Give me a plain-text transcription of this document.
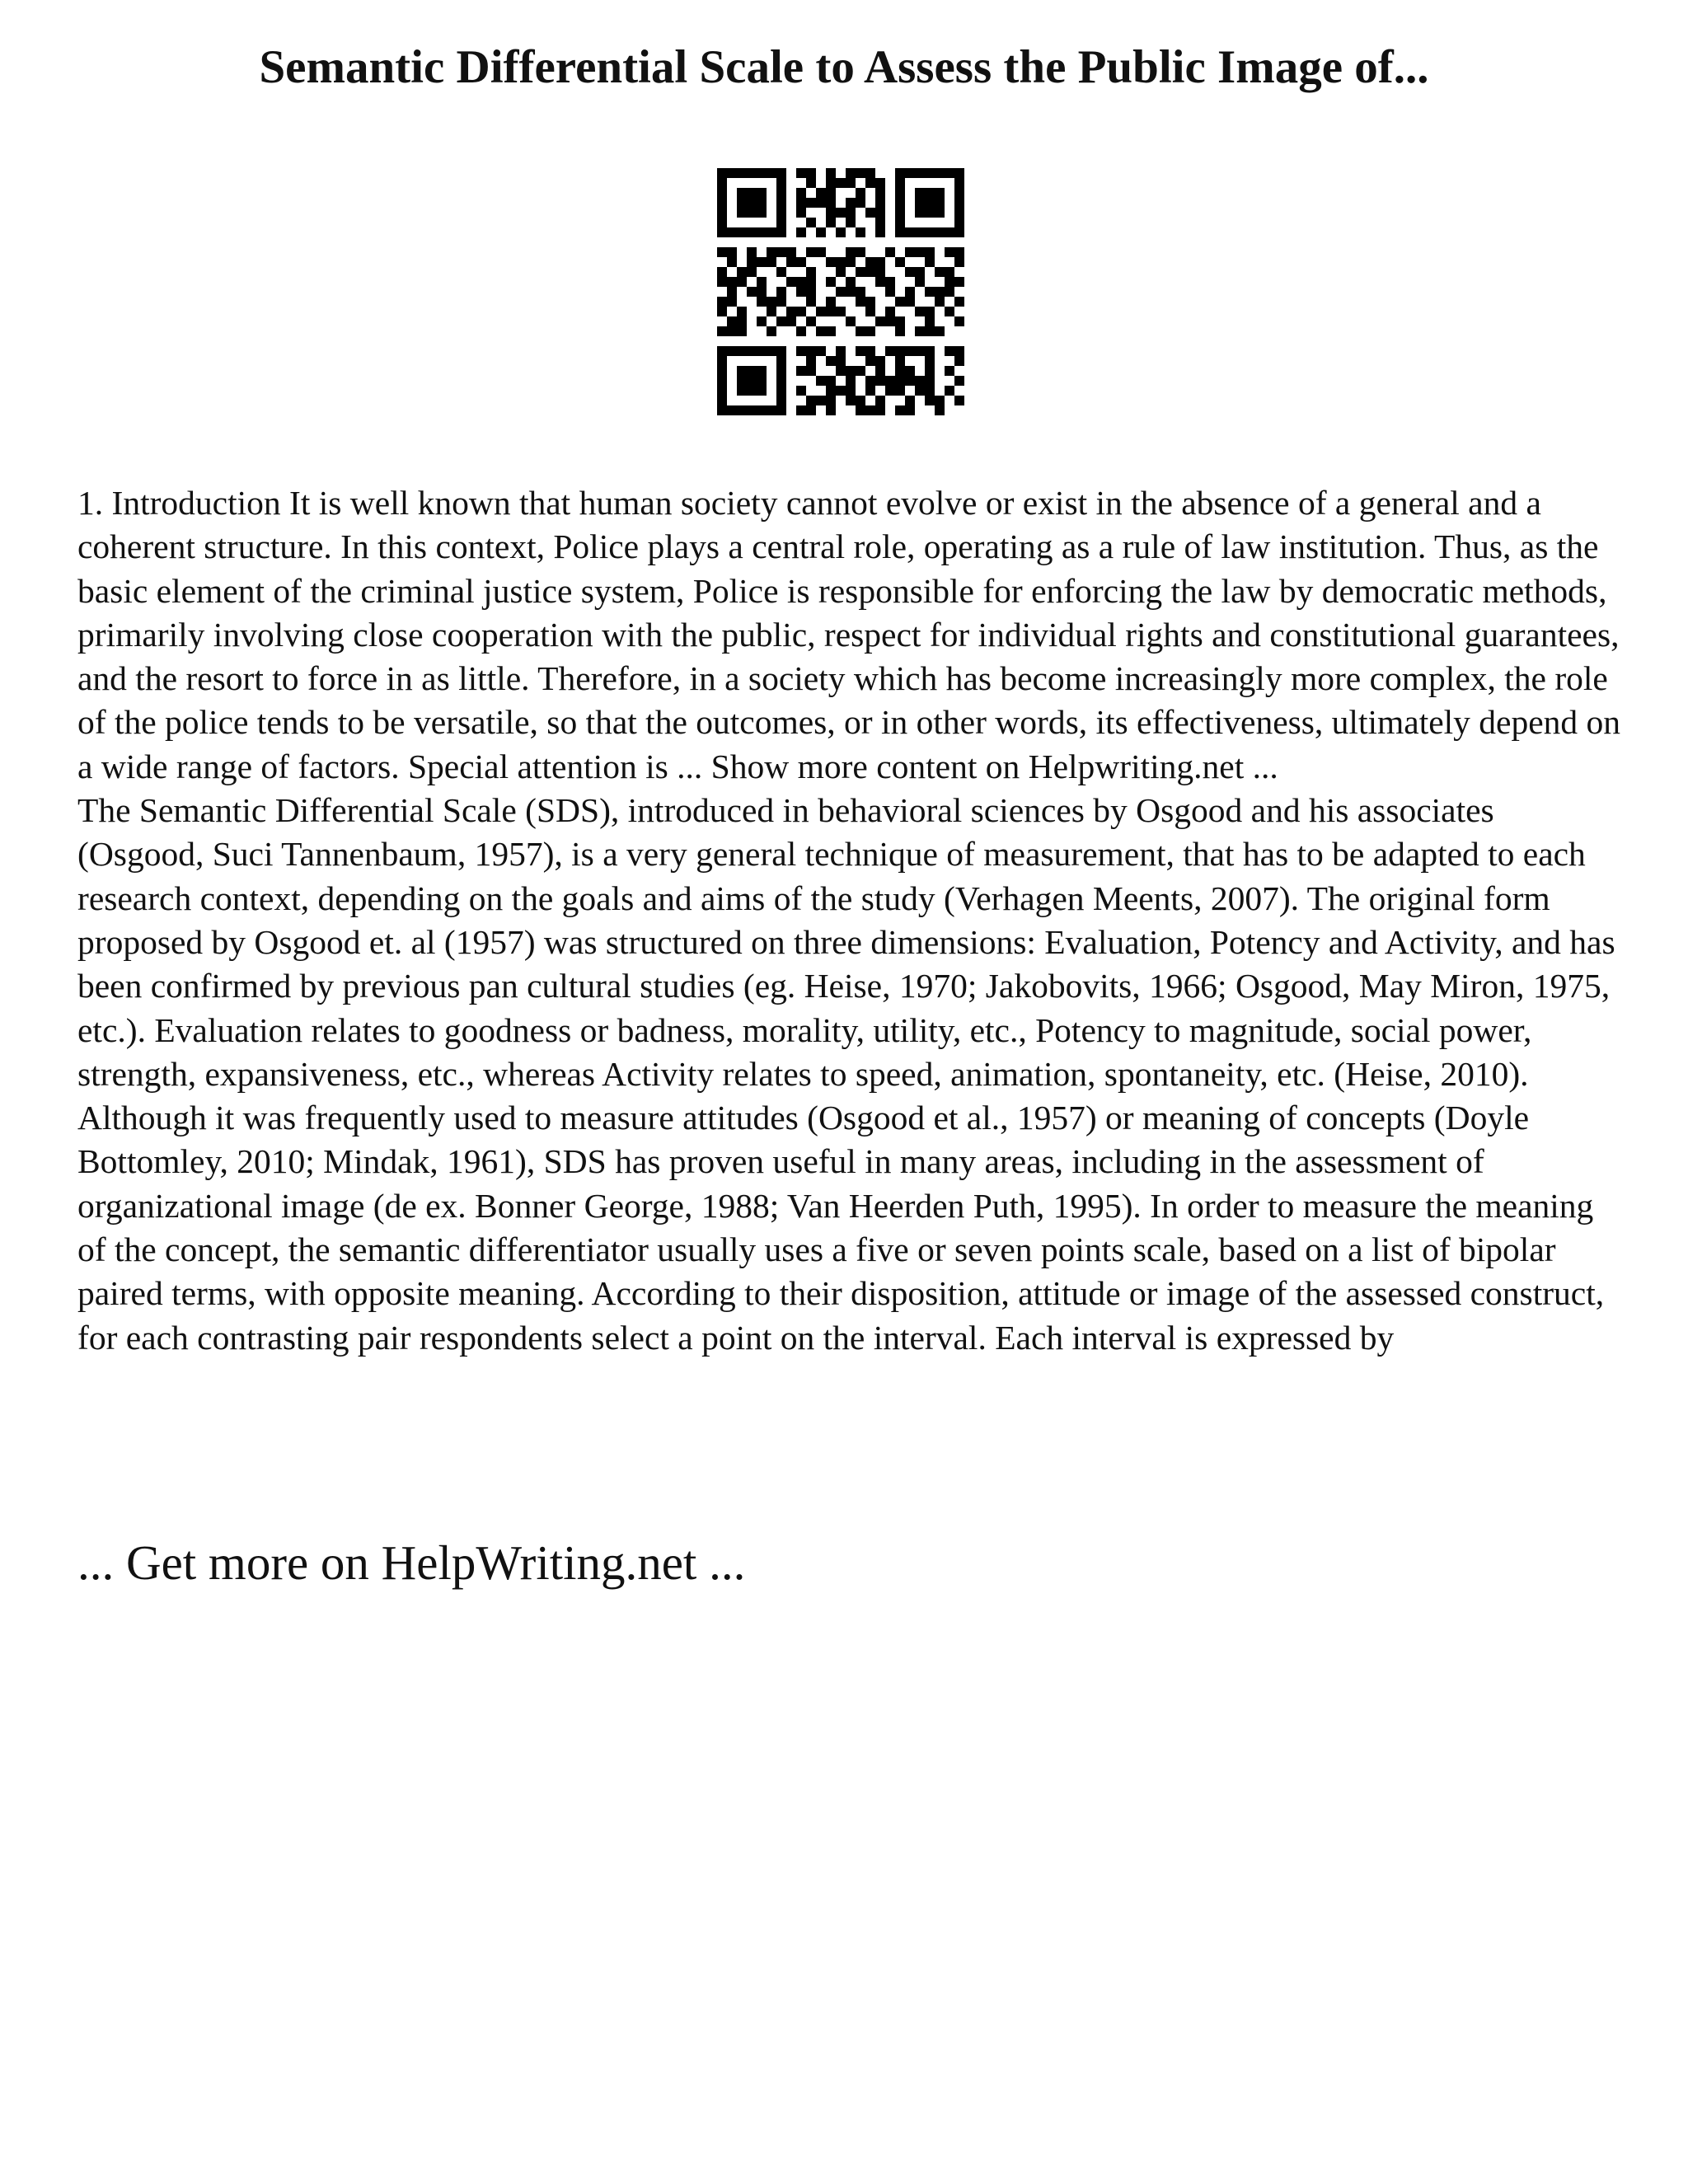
Semantic Differential Scale to Assess the Public Image of...

1. Introduction It is well known that human society cannot evolve or exist in the absence of a general and a coherent structure. In this context, Police plays a central role, operating as a rule of law institution. Thus, as the basic element of the criminal justice system, Police is responsible for enforcing the law by democratic methods, primarily involving close cooperation with the public, respect for individual rights and constitutional guarantees, and the resort to force in as little. Therefore, in a society which has become increasingly more complex, the role of the police tends to be versatile, so that the outcomes, or in other words, its effectiveness, ultimately depend on a wide range of factors. Special attention is ... Show more content on Helpwriting.net ...

The Semantic Differential Scale (SDS), introduced in behavioral sciences by Osgood and his associates (Osgood, Suci Tannenbaum, 1957), is a very general technique of measurement, that has to be adapted to each research context, depending on the goals and aims of the study (Verhagen Meents, 2007). The original form proposed by Osgood et. al (1957) was structured on three dimensions: Evaluation, Potency and Activity, and has been confirmed by previous pan cultural studies (eg. Heise, 1970; Jakobovits, 1966; Osgood, May Miron, 1975, etc.). Evaluation relates to goodness or badness, morality, utility, etc., Potency to magnitude, social power, strength, expansiveness, etc., whereas Activity relates to speed, animation, spontaneity, etc. (Heise, 2010). Although it was frequently used to measure attitudes (Osgood et al., 1957) or meaning of concepts (Doyle Bottomley, 2010; Mindak, 1961), SDS has proven useful in many areas, including in the assessment of organizational image (de ex. Bonner George, 1988; Van Heerden Puth, 1995). In order to measure the meaning of the concept, the semantic differentiator usually uses a five or seven points scale, based on a list of bipolar paired terms, with opposite meaning. According to their disposition, attitude or image of the assessed construct, for each contrasting pair respondents select a point on the interval. Each interval is expressed by

... Get more on HelpWriting.net ...
